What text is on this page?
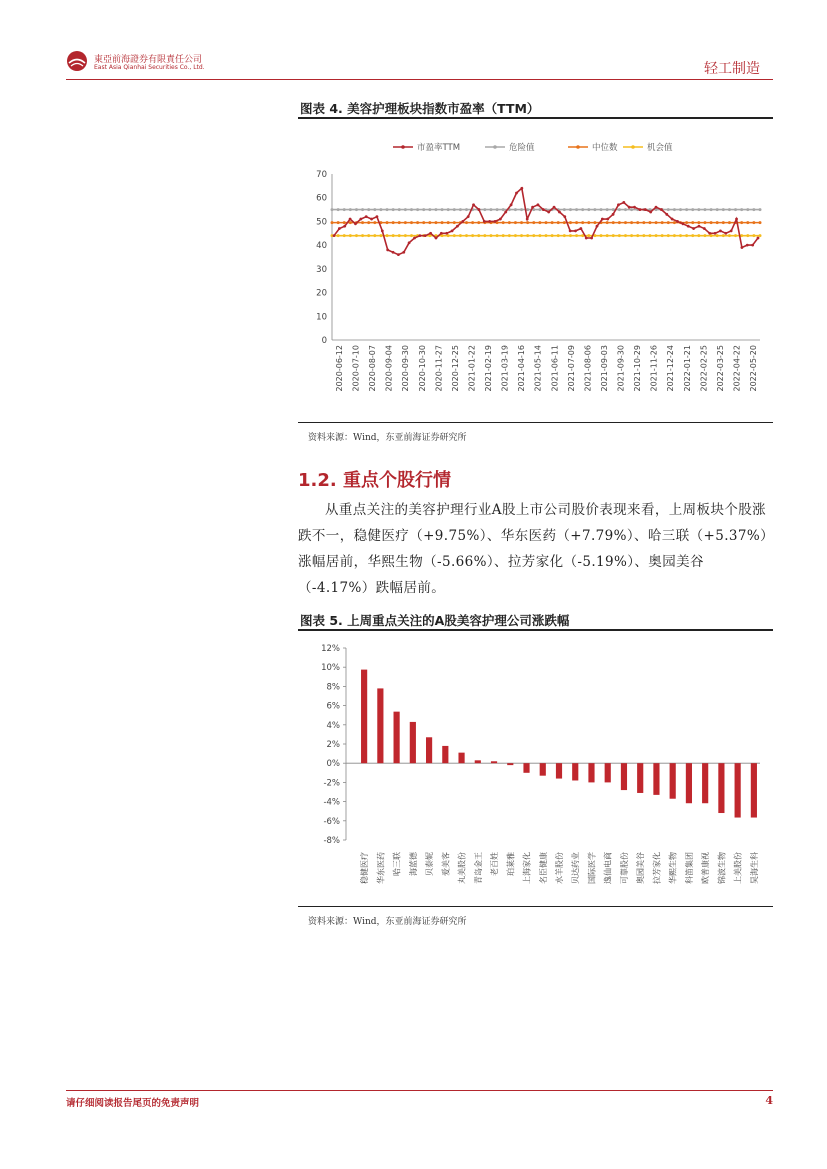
東亞前海證券有限責任公司
East Asia Qianhai Securities Co., Ltd.	轻工制造
图表 4. 美容护理板块指数市盈率（TTM）
市盈率TTM	危险值	中位数	机会值
0
10
20
30
40
50
60
70
2020-06-12 2020-07-10 2020-08-07 2020-09-04 2020-09-30 2020-10-30 2020-11-27 2020-12-25 2021-01-22 2021-02-19 2021-03-19 2021-04-16 2021-05-14 2021-06-11 2021-07-09 2021-08-06 2021-09-03 2021-09-30 2021-10-29 2021-11-26 2021-12-24 2022-01-21 2022-02-25 2022-03-25 2022-04-22 2022-05-20
资料来源：Wind，东亚前海证券研究所
1.2. 重点个股行情
从重点关注的美容护理行业A股上市公司股价表现来看，上周板块个股涨跌不一，稳健医疗（+9.75%）、华东医药（+7.79%）、哈三联（+5.37%）涨幅居前，华熙生物（-5.66%）、拉芳家化（-5.19%）、奥园美谷（-4.17%）跌幅居前。
图表 5. 上周重点关注的A股美容护理公司涨跌幅
12%
10%
8%
6%
4%
2%
0%
-2%
-4%
-6%
-8%
稳健医疗 华东医药 哈三联 海蓝德 贝泰妮 爱美客 丸美股份 青岛金王 老百姓 珀莱雅 上海家化 名臣健康 水羊股份 贝达药业 国际医学 逸仙电商 可靠股份 奥园美谷 拉芳家化 华熙生物 科笛集团 欧普康视 锦波生物 上美股份 昊海生科
资料来源：Wind，东亚前海证券研究所
请仔细阅读报告尾页的免责声明	4
